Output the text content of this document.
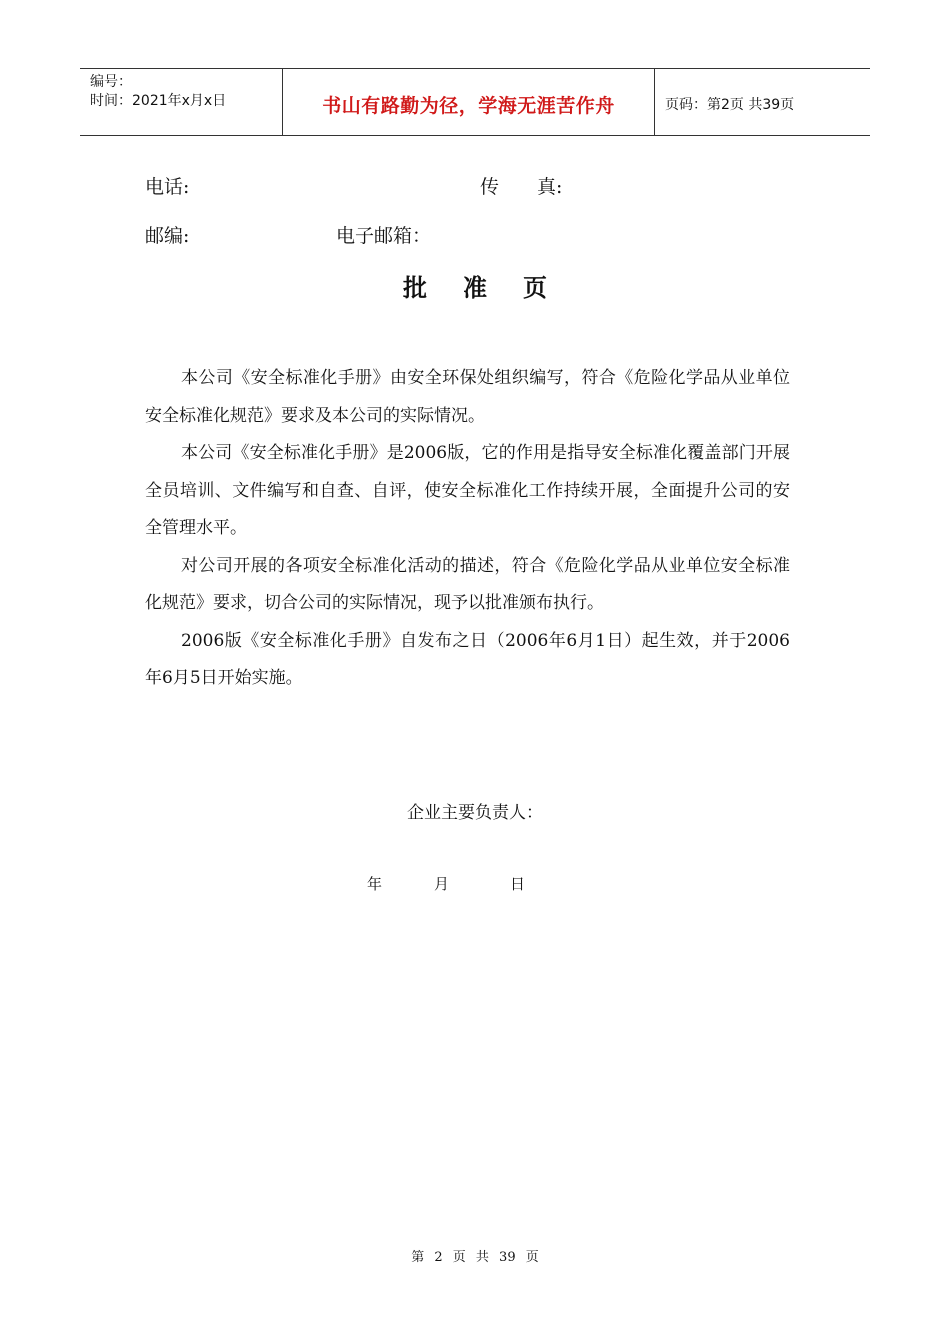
编号：
时间：2021年x月x日	书山有路勤为径，学海无涯苦作舟	页码：第2页 共39页
电话:	传　　真:
邮编:	电子邮箱：
批准页

本公司《安全标准化手册》由安全环保处组织编写，符合《危险化学品从业单位安全标准化规范》要求及本公司的实际情况。

本公司《安全标准化手册》是2006版，它的作用是指导安全标准化覆盖部门开展全员培训、文件编写和自查、自评，使安全标准化工作持续开展，全面提升公司的安全管理水平。

对公司开展的各项安全标准化活动的描述，符合《危险化学品从业单位安全标准化规范》要求，切合公司的实际情况，现予以批准颁布执行。

2006版《安全标准化手册》自发布之日（2006年6月1日）起生效，并于2006年6月5日开始实施。

企业主要负责人：
年	月	日
第 2 页 共 39 页
